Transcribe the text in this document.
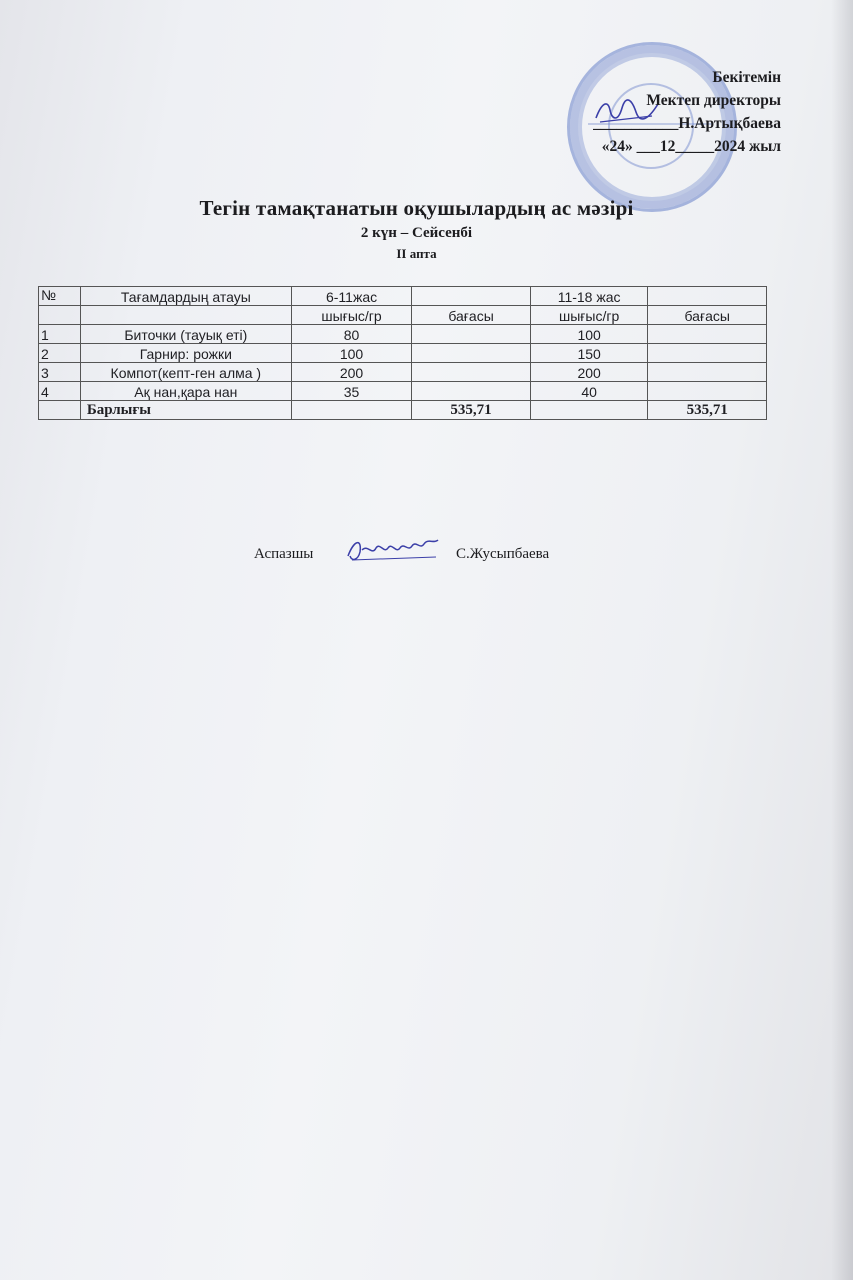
Бекітемін
Мектеп директоры
___________Н.Артықбаева
«24» ___12_____2024 жыл
Тегін тамақтанатын оқушылардың ас мәзірі
2 күн – Сейсенбі
II апта
№	Тағамдардың атауы	6-11жас		11-18 жас	
		шығыс/гр	бағасы	шығыс/гр	бағасы
1	Биточки (тауық еті)	80		100	
2	Гарнир: рожки	100		150	
3	Компот(кепт-ген алма )	200		200	
4	Ақ нан,қара нан	35		40	
	Барлығы		535,71		535,71
Аспазшы	С.Жусыпбаева
